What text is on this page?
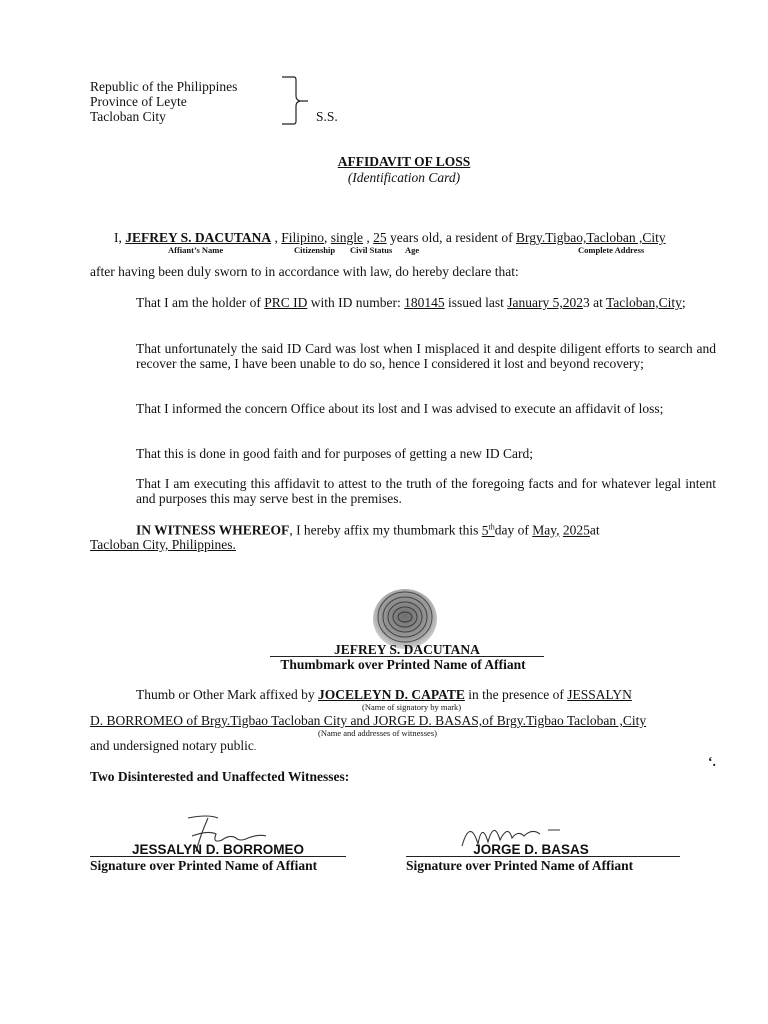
Republic of the Philippines
Province of Leyte
Tacloban City	S.S.
AFFIDAVIT OF LOSS
(Identification Card)
I, JEFREY S. DACUTANA , Filipino, single , 25 years old, a resident of Brgy.Tigbao,Tacloban ,City
Affiant’s Name	Citizenship Civil Status Age	Complete Address
after having been duly sworn to in accordance with law, do hereby declare that:
That I am the holder of PRC ID with ID number: 180145 issued last January 5,2023 at Tacloban,City;
That unfortunately the said ID Card was lost when I misplaced it and despite diligent efforts to search and recover the same, I have been unable to do so, hence I considered it lost and beyond recovery;
That I informed the concern Office about its lost and I was advised to execute an affidavit of loss;
That this is done in good faith and for purposes of getting a new ID Card;
That I am executing this affidavit to attest to the truth of the foregoing facts and for whatever legal intent and purposes this may serve best in the premises.
IN WITNESS WHEREOF, I hereby affix my thumbmark this 5thday of May, 2025at
Tacloban City, Philippines.
JEFREY S. DACUTANA
Thumbmark over Printed Name of Affiant
Thumb or Other Mark affixed by JOCELEYN D. CAPATE in the presence of JESSALYN
(Name of signatory by mark)
D. BORROMEO of Brgy.Tigbao Tacloban City and JORGE D. BASAS,of Brgy.Tigbao Tacloban ,City
(Name and addresses of witnesses)
and undersigned notary public.
‘.
Two Disinterested and Unaffected Witnesses:
JESSALYN D. BORROMEO
Signature over Printed Name of Affiant
JORGE D. BASAS
Signature over Printed Name of Affiant
